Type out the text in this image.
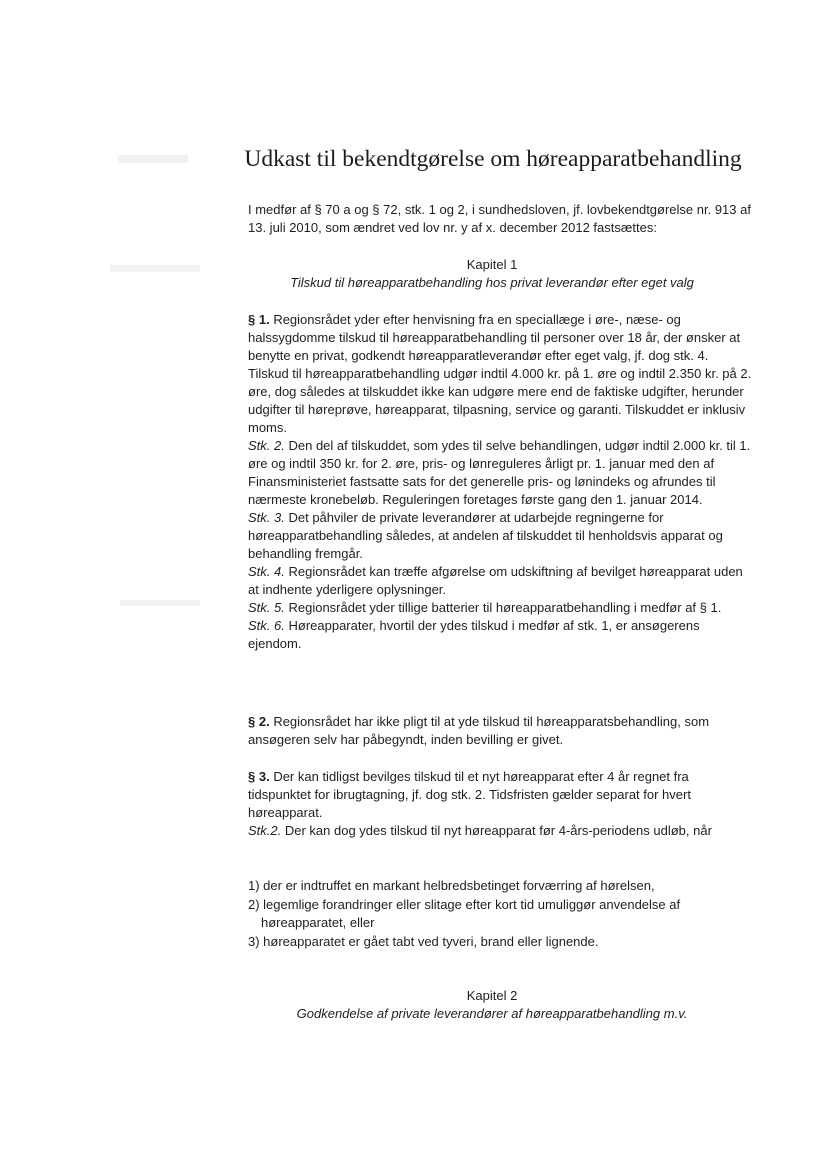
Udkast til bekendtgørelse om høreapparatbehandling
I medfør af § 70 a og § 72, stk. 1 og 2, i sundhedsloven, jf. lovbekendtgørelse nr. 913 af 13. juli 2010, som ændret ved lov nr. y af x. december 2012 fastsættes:
Kapitel 1
Tilskud til høreapparatbehandling hos privat leverandør efter eget valg
§ 1. Regionsrådet yder efter henvisning fra en speciallæge i øre-, næse- og halssygdomme tilskud til høreapparatbehandling til personer over 18 år, der ønsker at benytte en privat, godkendt høreapparatleverandør efter eget valg, jf. dog stk. 4. Tilskud til høreapparatbehandling udgør indtil 4.000 kr. på 1. øre og indtil 2.350 kr. på 2. øre, dog således at tilskuddet ikke kan udgøre mere end de faktiske udgifter, herunder udgifter til høreprøve, høreapparat, tilpasning, service og garanti. Tilskuddet er inklusiv moms.
Stk. 2. Den del af tilskuddet, som ydes til selve behandlingen, udgør indtil 2.000 kr. til 1. øre og indtil 350 kr. for 2. øre, pris- og lønreguleres årligt pr. 1. januar med den af Finansministeriet fastsatte sats for det generelle pris- og lønindeks og afrundes til nærmeste kronebeløb. Reguleringen foretages første gang den 1. januar 2014.
Stk. 3. Det påhviler de private leverandører at udarbejde regningerne for høreapparatbehandling således, at andelen af tilskuddet til henholdsvis apparat og behandling fremgår.
Stk. 4. Regionsrådet kan træffe afgørelse om udskiftning af bevilget høreapparat uden at indhente yderligere oplysninger.
Stk. 5. Regionsrådet yder tillige batterier til høreapparatbehandling i medfør af § 1.
Stk. 6. Høreapparater, hvortil der ydes tilskud i medfør af stk. 1, er ansøgerens ejendom.
§ 2. Regionsrådet har ikke pligt til at yde tilskud til høreapparatsbehandling, som ansøgeren selv har påbegyndt, inden bevilling er givet.
§ 3. Der kan tidligst bevilges tilskud til et nyt høreapparat efter 4 år regnet fra tidspunktet for ibrugtagning, jf. dog stk. 2. Tidsfristen gælder separat for hvert høreapparat.
Stk.2. Der kan dog ydes tilskud til nyt høreapparat før 4-års-periodens udløb, når
1) der er indtruffet en markant helbredsbetinget forværring af hørelsen,
2) legemlige forandringer eller slitage efter kort tid umuliggør anvendelse af høreapparatet, eller
3) høreapparatet er gået tabt ved tyveri, brand eller lignende.
Kapitel 2
Godkendelse af private leverandører af høreapparatbehandling m.v.
